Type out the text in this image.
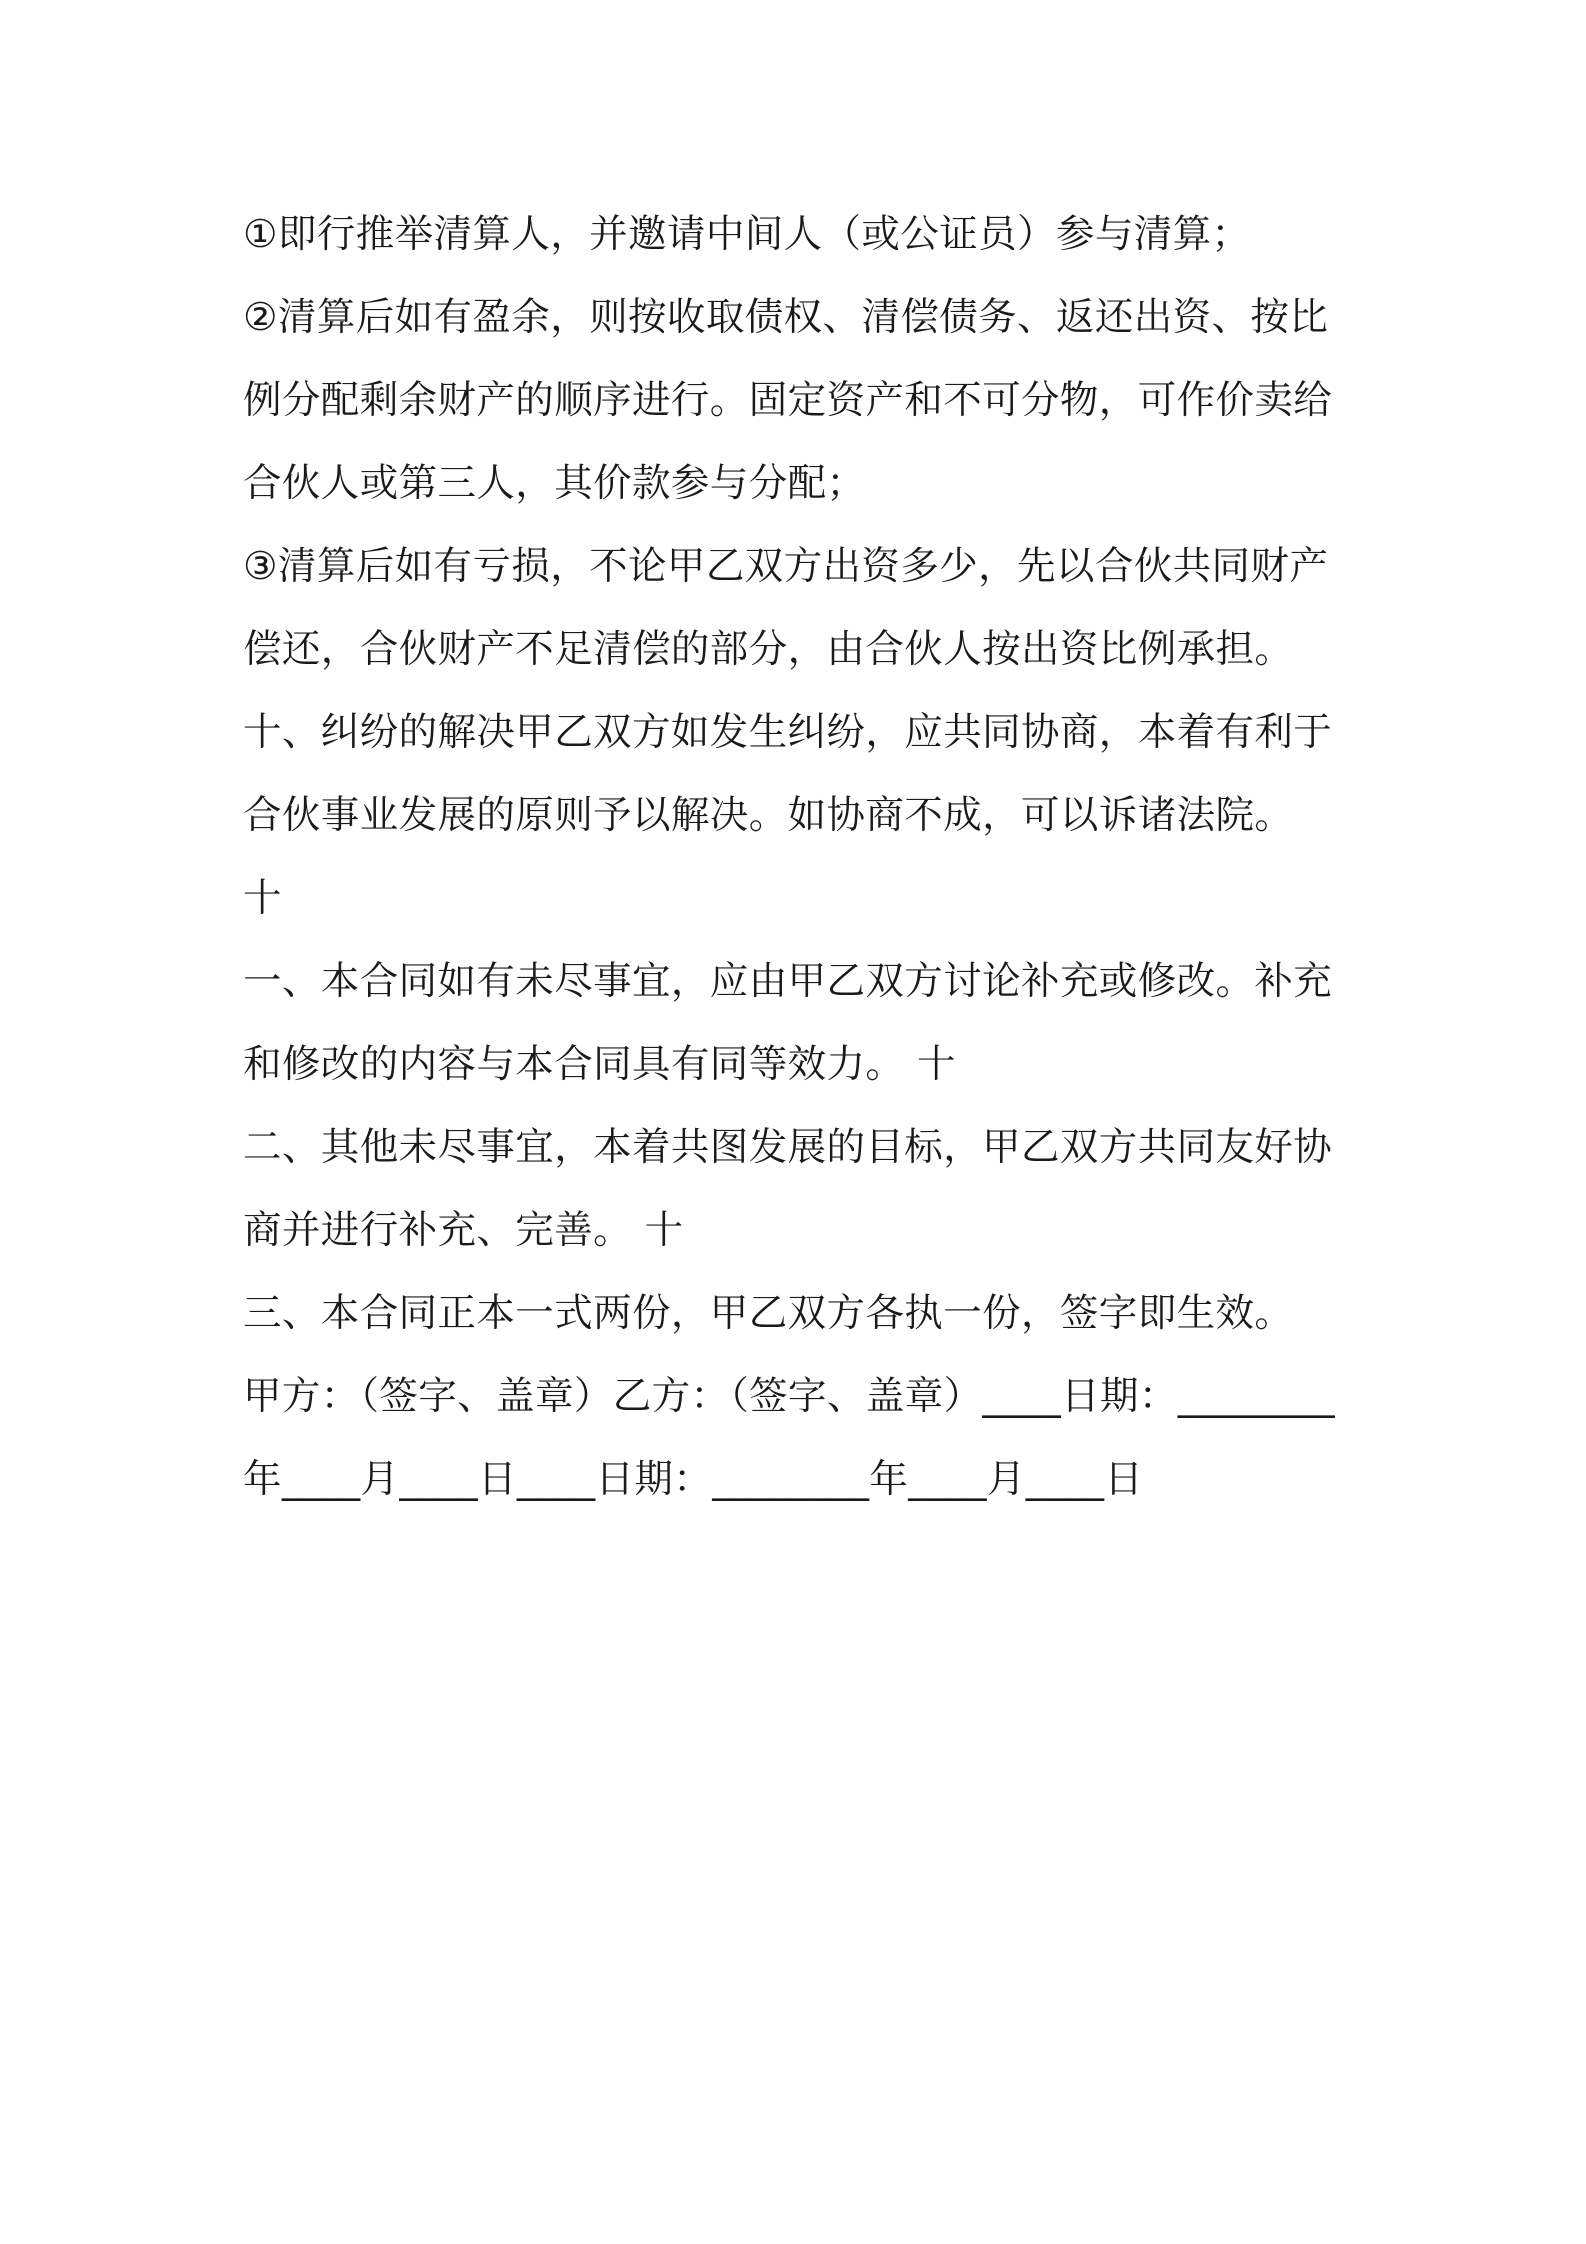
①即行推举清算人，并邀请中间人（或公证员）参与清算；
②清算后如有盈余，则按收取债权、清偿债务、返还出资、按比
例分配剩余财产的顺序进行。固定资产和不可分物，可作价卖给
合伙人或第三人，其价款参与分配；
③清算后如有亏损，不论甲乙双方出资多少，先以合伙共同财产
偿还，合伙财产不足清偿的部分，由合伙人按出资比例承担。
十、纠纷的解决甲乙双方如发生纠纷，应共同协商，本着有利于
合伙事业发展的原则予以解决。如协商不成，可以诉诸法院。
十
一、本合同如有未尽事宜，应由甲乙双方讨论补充或修改。补充
和修改的内容与本合同具有同等效力。 十
二、其他未尽事宜，本着共图发展的目标，甲乙双方共同友好协
商并进行补充、完善。 十
三、本合同正本一式两份，甲乙双方各执一份，签字即生效。
甲方：（签字、盖章）乙方：（签字、盖章）____日期：________
年____月____日____日期：________年____月____日
